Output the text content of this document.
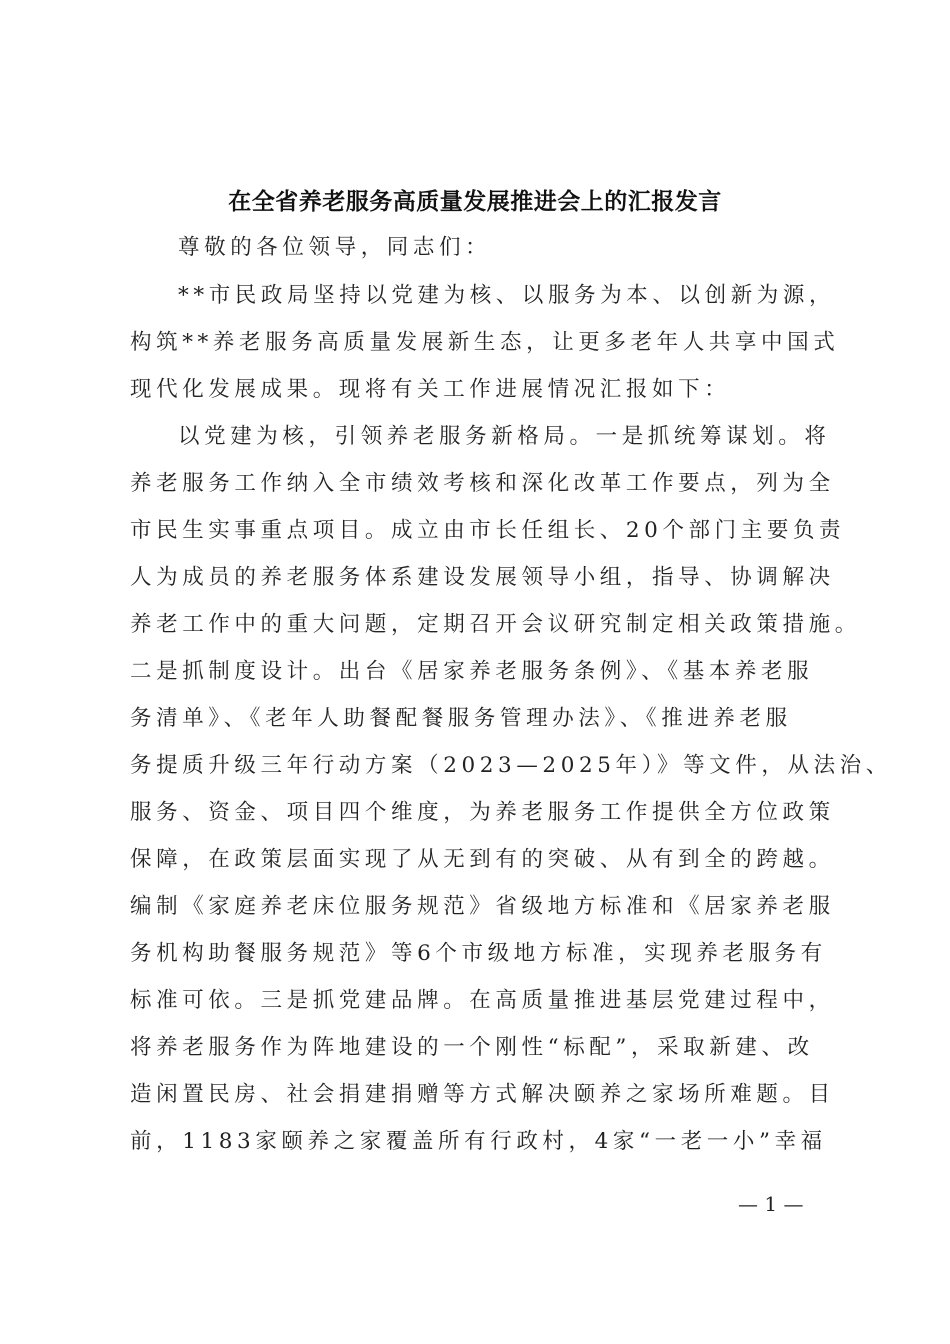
在全省养老服务高质量发展推进会上的汇报发言
尊敬的各位领导，同志们：
**市民政局坚持以党建为核、以服务为本、以创新为源，
构筑**养老服务高质量发展新生态，让更多老年人共享中国式
现代化发展成果。现将有关工作进展情况汇报如下：
以党建为核，引领养老服务新格局。一是抓统筹谋划。将
养老服务工作纳入全市绩效考核和深化改革工作要点，列为全
市民生实事重点项目。成立由市长任组长、20个部门主要负责
人为成员的养老服务体系建设发展领导小组，指导、协调解决
养老工作中的重大问题，定期召开会议研究制定相关政策措施。
二是抓制度设计。出台《居家养老服务条例》、《基本养老服
务清单》、《老年人助餐配餐服务管理办法》、《推进养老服
务提质升级三年行动方案（2023—2025年）》等文件，从法治、
服务、资金、项目四个维度，为养老服务工作提供全方位政策
保障，在政策层面实现了从无到有的突破、从有到全的跨越。
编制《家庭养老床位服务规范》省级地方标准和《居家养老服
务机构助餐服务规范》等6个市级地方标准，实现养老服务有
标准可依。三是抓党建品牌。在高质量推进基层党建过程中，
将养老服务作为阵地建设的一个刚性“标配”，采取新建、改
造闲置民房、社会捐建捐赠等方式解决颐养之家场所难题。目
前，1183家颐养之家覆盖所有行政村，4家“一老一小”幸福
— 1 —
